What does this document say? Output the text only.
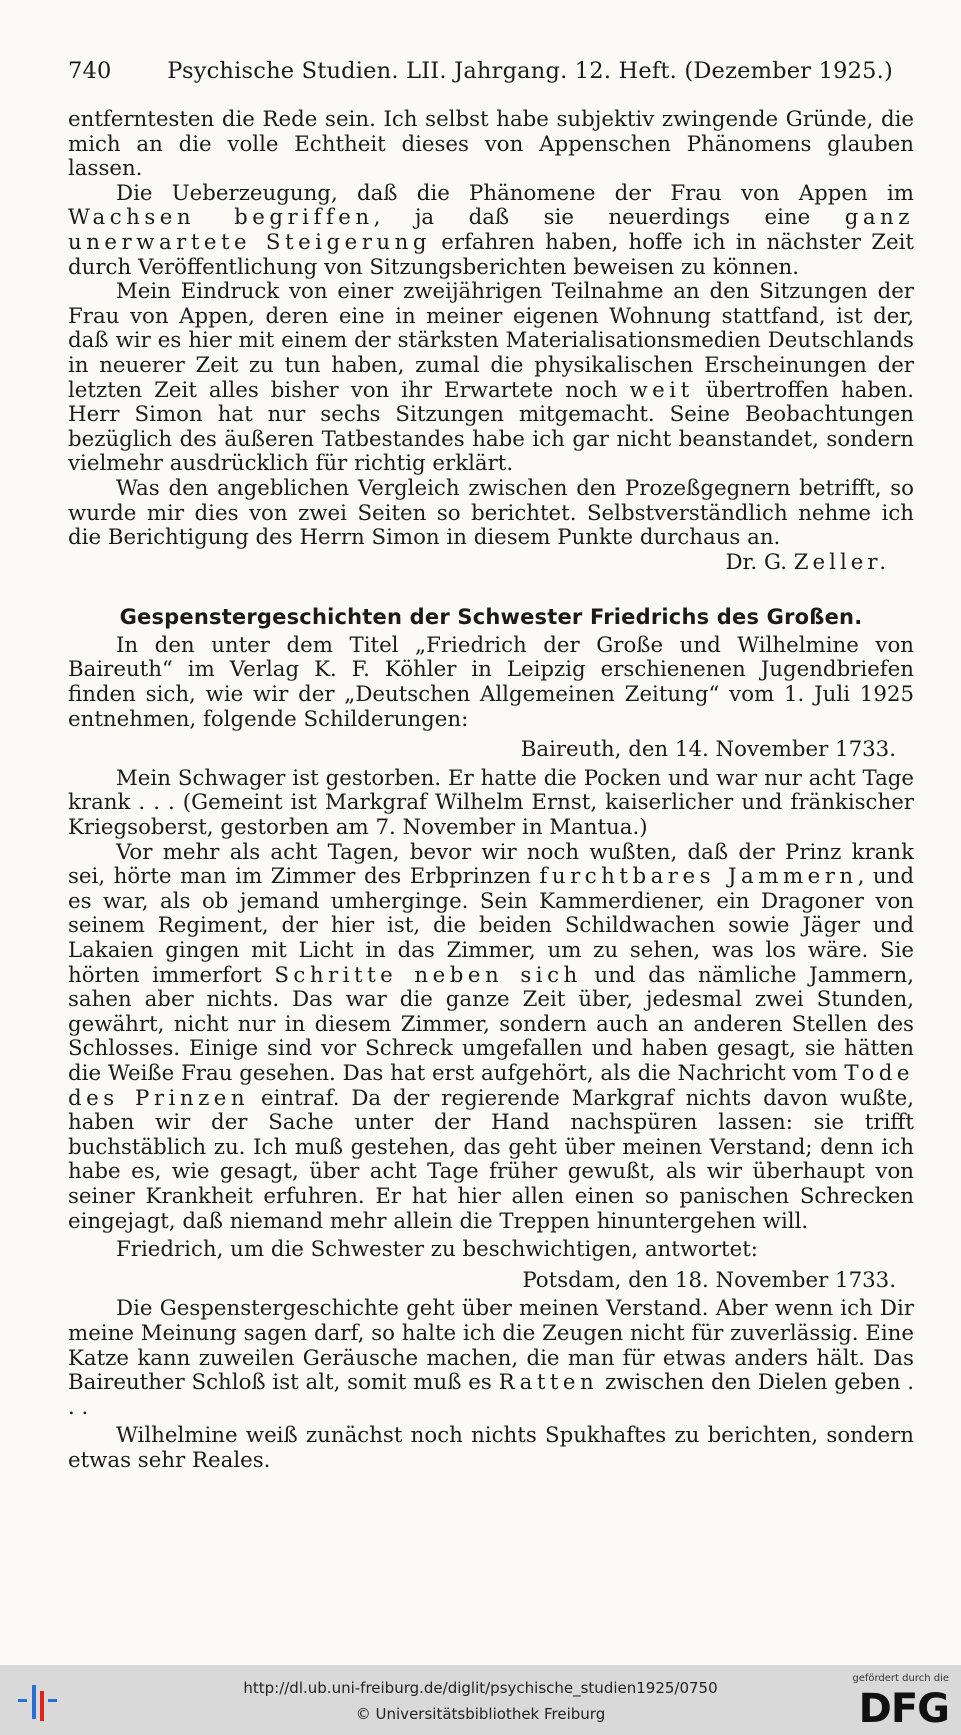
740 Psychische Studien. LII. Jahrgang. 12. Heft. (Dezember 1925.)

entferntesten die Rede sein. Ich selbst habe subjektiv zwingende Gründe, die mich an die volle Echtheit dieses von Appenschen Phänomens glauben lassen.

Die Ueberzeugung, daß die Phänomene der Frau von Appen im Wachsen begriffen, ja daß sie neuerdings eine ganz unerwartete Steigerung erfahren haben, hoffe ich in nächster Zeit durch Veröffentlichung von Sitzungsberichten beweisen zu können.

Mein Eindruck von einer zweijährigen Teilnahme an den Sitzungen der Frau von Appen, deren eine in meiner eigenen Wohnung stattfand, ist der, daß wir es hier mit einem der stärksten Materialisationsmedien Deutschlands in neuerer Zeit zu tun haben, zumal die physikalischen Erscheinungen der letzten Zeit alles bisher von ihr Erwartete noch weit übertroffen haben. Herr Simon hat nur sechs Sitzungen mitgemacht. Seine Beobachtungen bezüglich des äußeren Tatbestandes habe ich gar nicht beanstandet, sondern vielmehr ausdrücklich für richtig erklärt.

Was den angeblichen Vergleich zwischen den Prozeßgegnern betrifft, so wurde mir dies von zwei Seiten so berichtet. Selbstverständlich nehme ich die Berichtigung des Herrn Simon in diesem Punkte durchaus an.

Dr. G.
Zeller.

Gespenstergeschichten der Schwester Friedrichs des Großen.

In den unter dem Titel „Friedrich der Große und Wilhelmine von Baireuth“ im Verlag K. F. Köhler in Leipzig erschienenen Jugendbriefen finden sich, wie wir der „Deutschen Allgemeinen Zeitung“ vom 1. Juli 1925 entnehmen, folgende Schilderungen:

Baireuth, den 14. November 1733.

Mein Schwager ist gestorben. Er hatte die Pocken und war nur acht Tage krank . . . (Gemeint ist Markgraf Wilhelm Ernst, kaiserlicher und fränkischer Kriegsoberst, gestorben am 7. November in Mantua.)

Vor mehr als acht Tagen, bevor wir noch wußten, daß der Prinz krank sei, hörte man im Zimmer des Erbprinzen furchtbares Jammern, und es war, als ob jemand umherginge. Sein Kammerdiener, ein Dragoner von seinem Regiment, der hier ist, die beiden Schildwachen sowie Jäger und Lakaien gingen mit Licht in das Zimmer, um zu sehen, was los wäre. Sie hörten immerfort Schritte neben sich und das nämliche Jammern, sahen aber nichts. Das war die ganze Zeit über, jedesmal zwei Stunden, gewährt, nicht nur in diesem Zimmer, sondern auch an anderen Stellen des Schlosses. Einige sind vor Schreck umgefallen und haben gesagt, sie hätten die Weiße Frau gesehen. Das hat erst aufgehört, als die Nachricht vom Tode des Prinzen eintraf. Da der regierende Markgraf nichts davon wußte, haben wir der Sache unter der Hand nachspüren lassen: sie trifft buchstäblich zu. Ich muß gestehen, das geht über meinen Verstand; denn ich habe es, wie gesagt, über acht Tage früher gewußt, als wir überhaupt von seiner Krankheit erfuhren. Er hat hier allen einen so panischen Schrecken eingejagt, daß niemand mehr allein die Treppen hinuntergehen will.

Friedrich, um die Schwester zu beschwichtigen, antwortet:

Potsdam, den 18. November 1733.

Die Gespenstergeschichte geht über meinen Verstand. Aber wenn ich Dir meine Meinung sagen darf, so halte ich die Zeugen nicht für zuverlässig. Eine Katze kann zuweilen Geräusche machen, die man für etwas anders hält. Das Baireuther Schloß ist alt, somit muß es Ratten zwischen den Dielen geben . . .

Wilhelmine weiß zunächst noch nichts Spukhaftes zu berichten, sondern etwas sehr Reales.

http://dl.ub.uni-freiburg.de/diglit/psychische_studien1925/0750
© Universitätsbibliothek Freiburg
gefördert durch die
DFG
